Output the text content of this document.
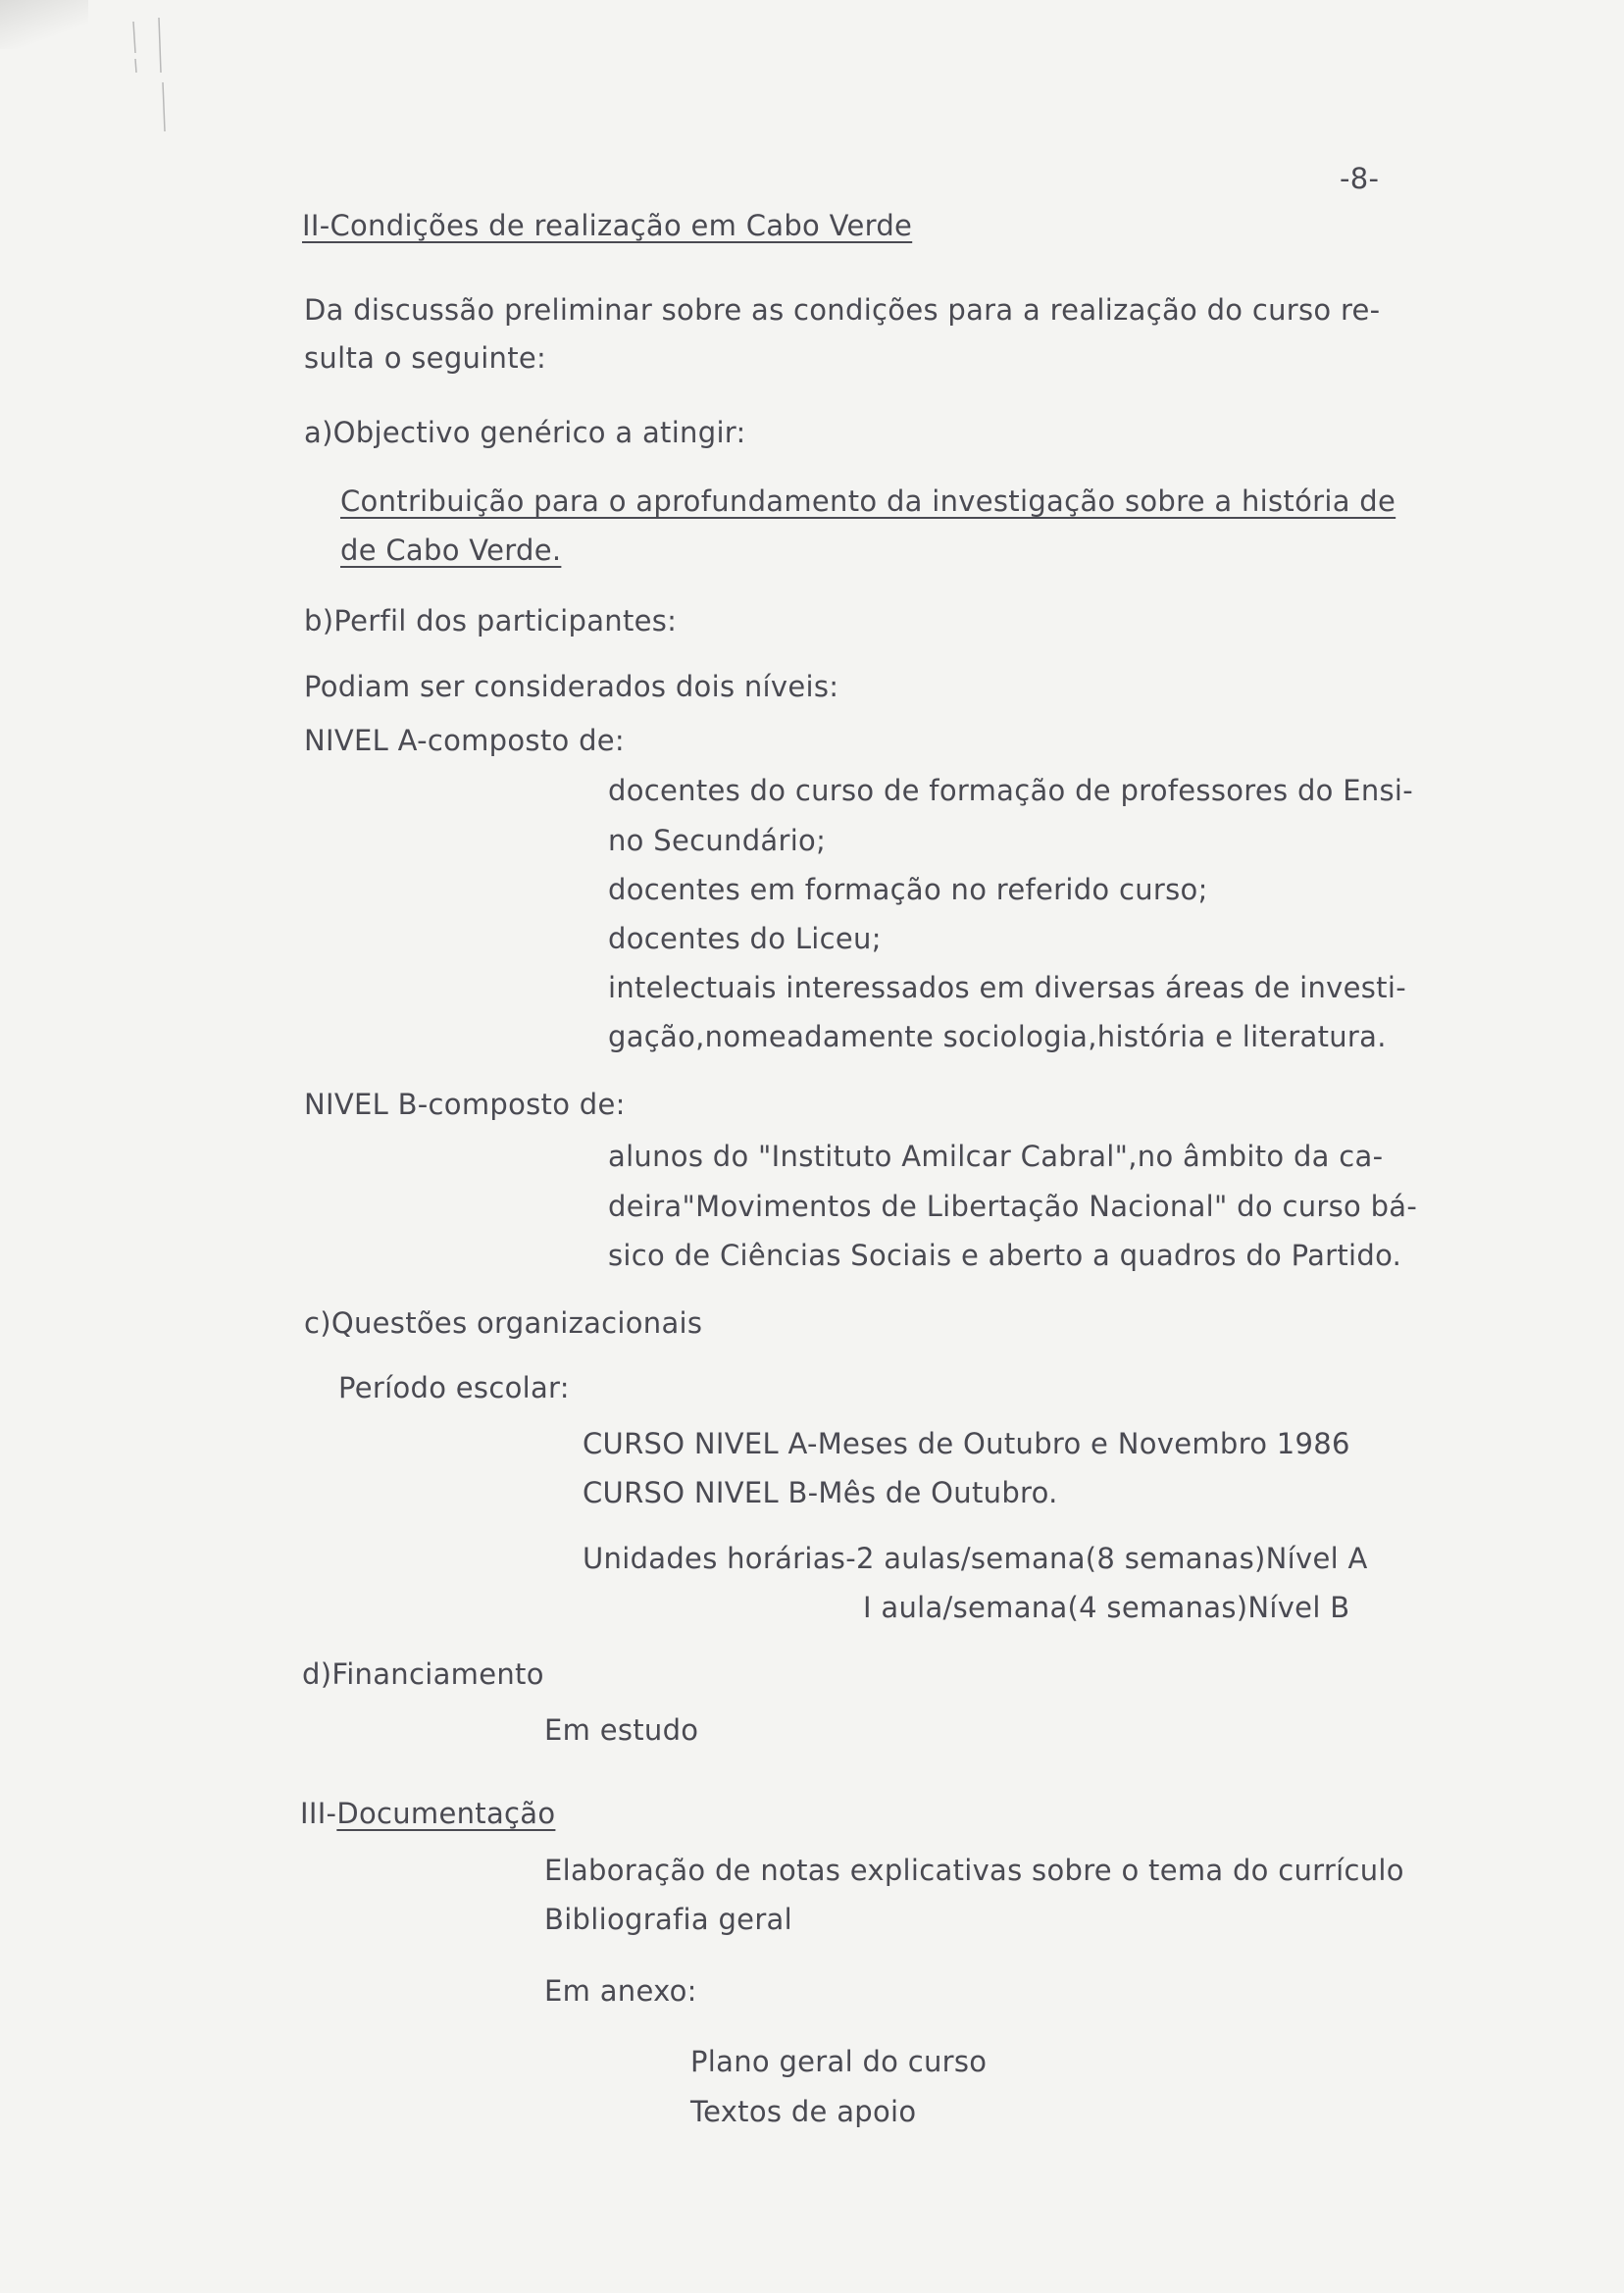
-8-
II-Condições de realização em Cabo Verde
Da discussão preliminar sobre as condições para a realização do curso re-
sulta o seguinte:
a)Objectivo genérico a atingir:
Contribuição para o aprofundamento da investigação sobre a história de
de Cabo Verde.
b)Perfil dos participantes:
Podiam ser considerados dois níveis:
NIVEL A-composto de:
docentes do curso de formação de professores do Ensi-
no Secundário;
docentes em formação no referido curso;
docentes do Liceu;
intelectuais interessados em diversas áreas de investi-
gação,nomeadamente sociologia,história e literatura.
NIVEL B-composto de:
alunos do "Instituto Amilcar Cabral",no âmbito da ca-
deira"Movimentos de Libertação Nacional" do curso bá-
sico de Ciências Sociais e aberto a quadros do Partido.
c)Questões organizacionais
Período escolar:
CURSO NIVEL A-Meses de Outubro e Novembro 1986
CURSO NIVEL B-Mês de Outubro.
Unidades horárias-2 aulas/semana(8 semanas)Nível A
I aula/semana(4 semanas)Nível B
d)Financiamento
Em estudo
III-Documentação
Elaboração de notas explicativas sobre o tema do currículo
Bibliografia geral
Em anexo:
Plano geral do curso
Textos de apoio
